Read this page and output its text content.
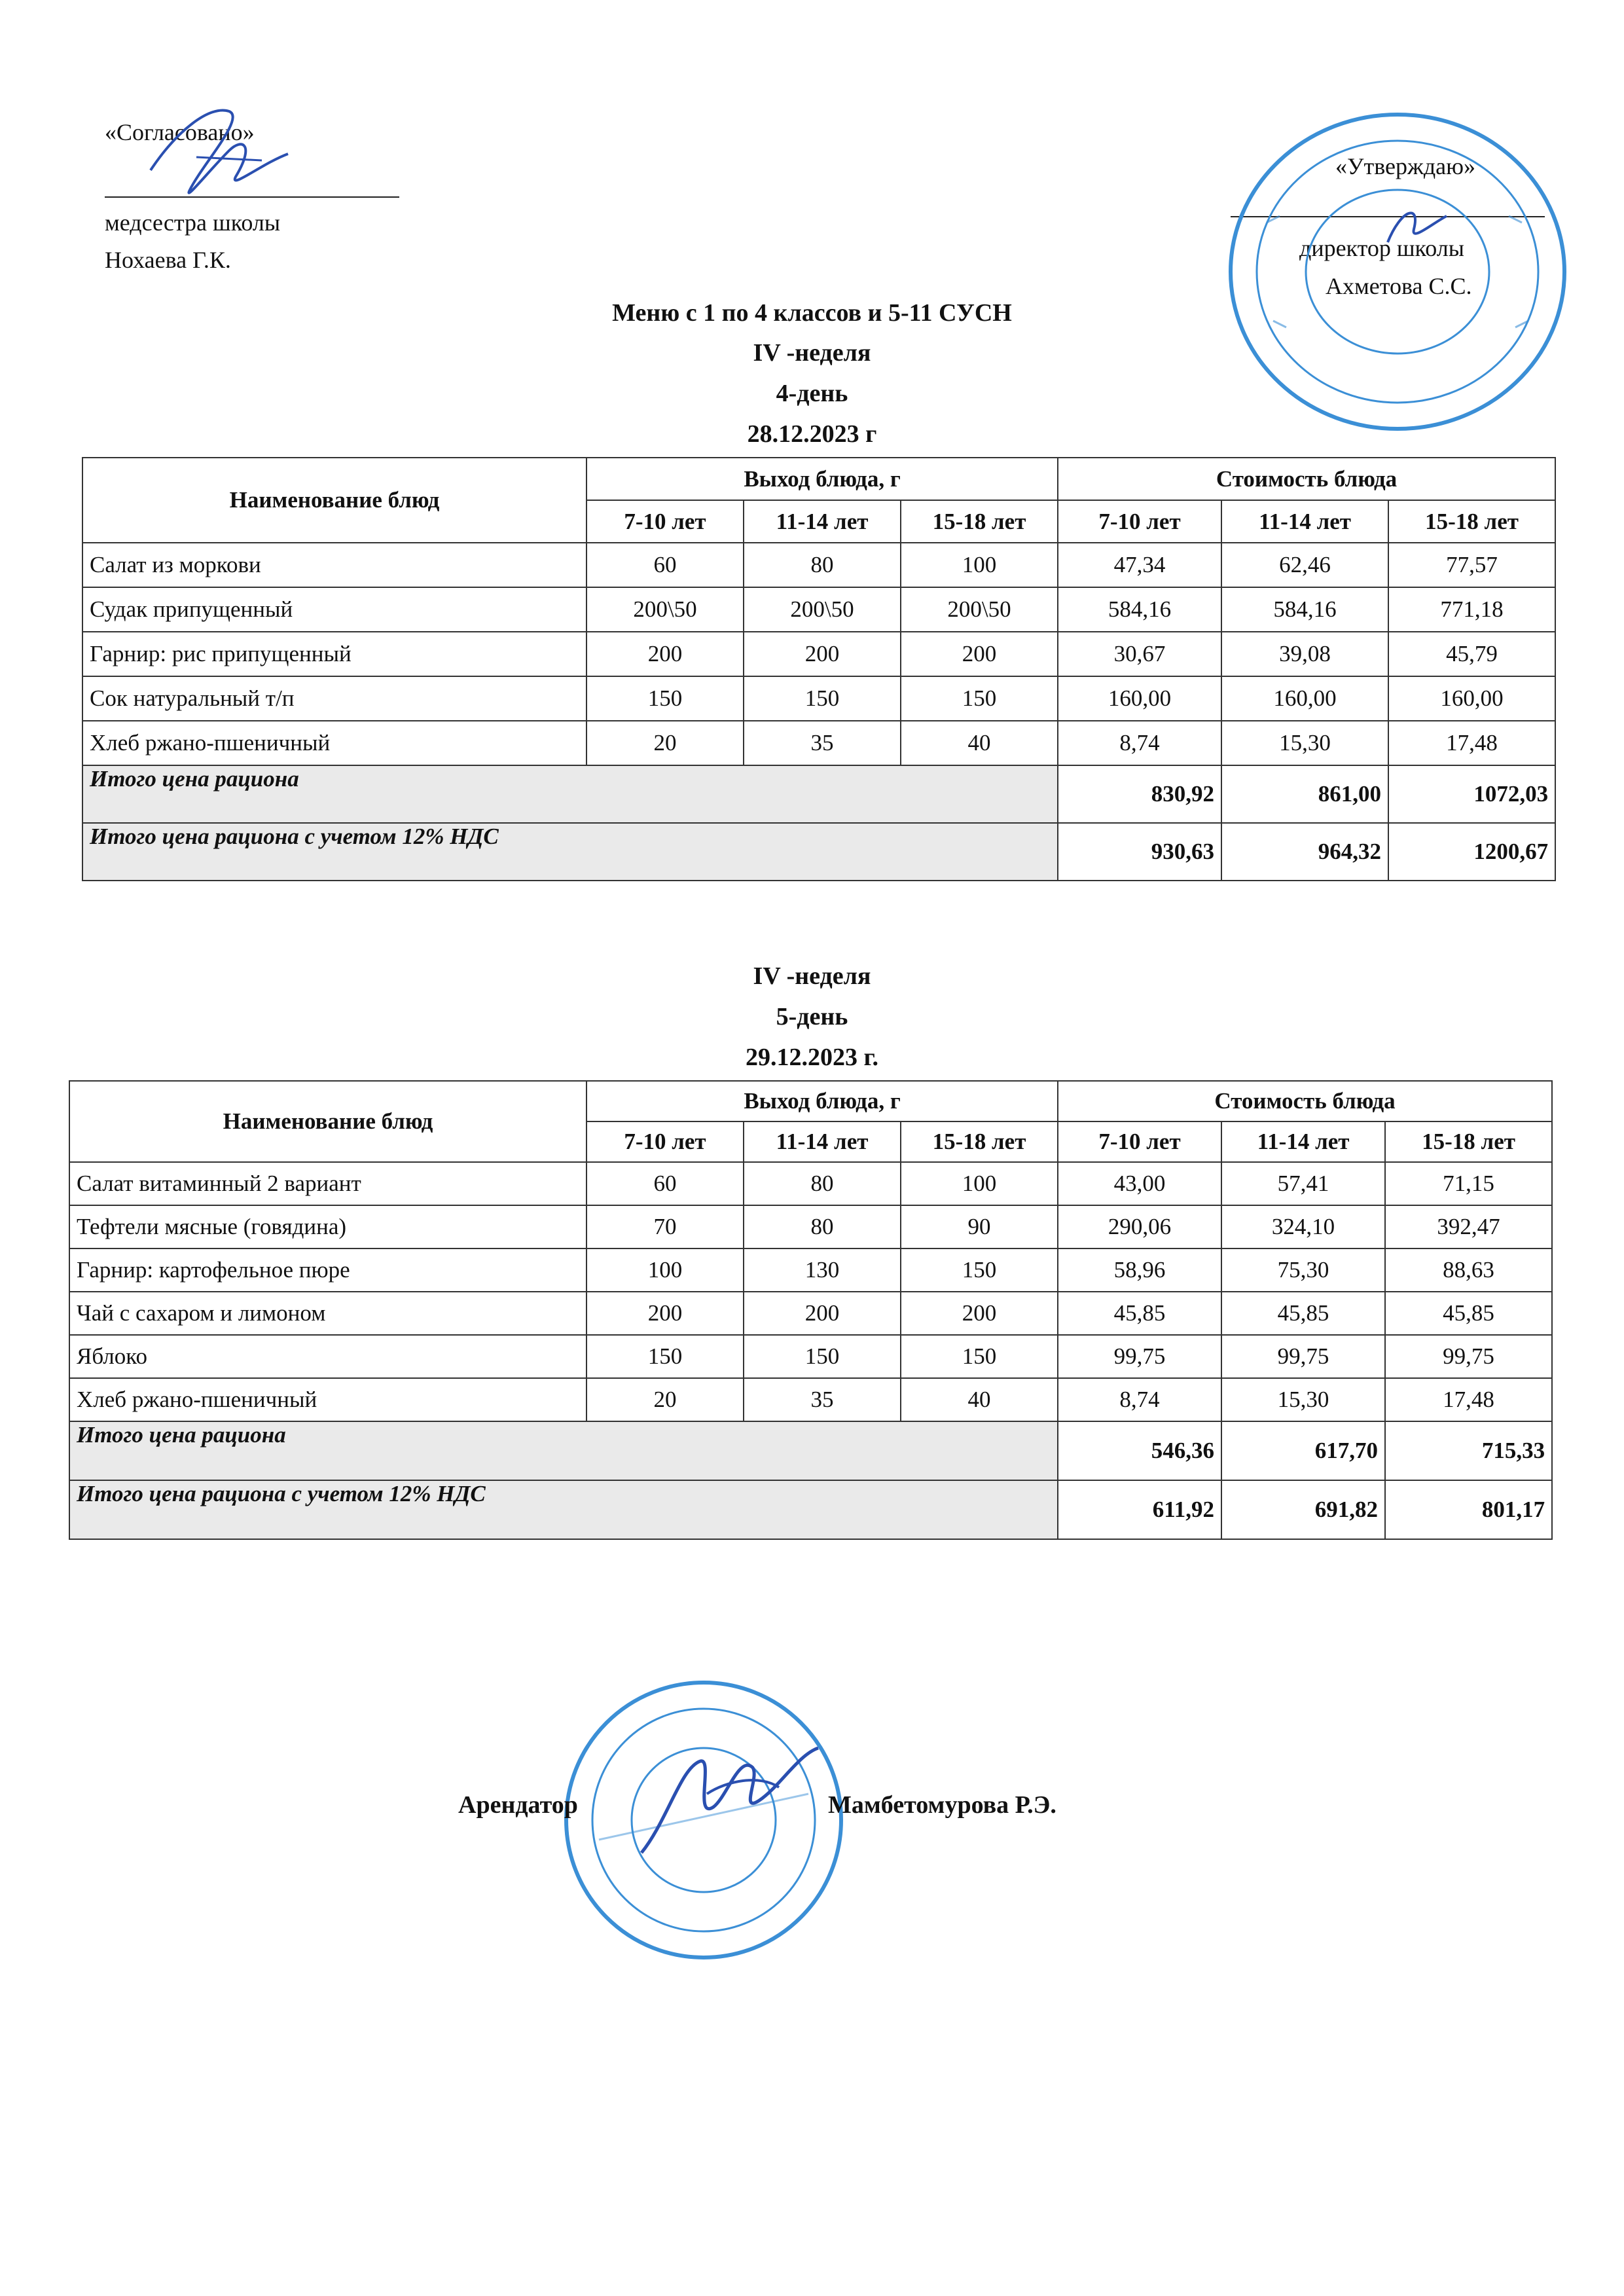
«Согласовано»
медсестра школы
Нохаева Г.К.
«Утверждаю»
директор школы
Ахметова С.С.
Меню с 1 по 4 классов и 5-11 СУСН
IV -неделя
4-день
28.12.2023 г
Наименование блюд	Выход блюда, г			Стоимость блюда		
	7-10 лет	11-14 лет	15-18 лет	7-10 лет	11-14 лет	15-18 лет
Салат из моркови	60	80	100	47,34	62,46	77,57
Судак припущенный	200\50	200\50	200\50	584,16	584,16	771,18
Гарнир: рис припущенный	200	200	200	30,67	39,08	45,79
Сок натуральный т/п	150	150	150	160,00	160,00	160,00
Хлеб ржано-пшеничный	20	35	40	8,74	15,30	17,48
Итого цена рациона				830,92	861,00	1072,03
Итого цена рациона с учетом 12% НДС				930,63	964,32	1200,67
IV -неделя
5-день
29.12.2023 г.
Наименование блюд	Выход блюда, г			Стоимость блюда		
	7-10 лет	11-14 лет	15-18 лет	7-10 лет	11-14 лет	15-18 лет
Салат витаминный 2 вариант	60	80	100	43,00	57,41	71,15
Тефтели мясные (говядина)	70	80	90	290,06	324,10	392,47
Гарнир: картофельное пюре	100	130	150	58,96	75,30	88,63
Чай с сахаром и лимоном	200	200	200	45,85	45,85	45,85
Яблоко	150	150	150	99,75	99,75	99,75
Хлеб ржано-пшеничный	20	35	40	8,74	15,30	17,48
Итого цена рациона				546,36	617,70	715,33
Итого цена рациона с учетом 12% НДС				611,92	691,82	801,17
Арендатор	Мамбетомурова Р.Э.
